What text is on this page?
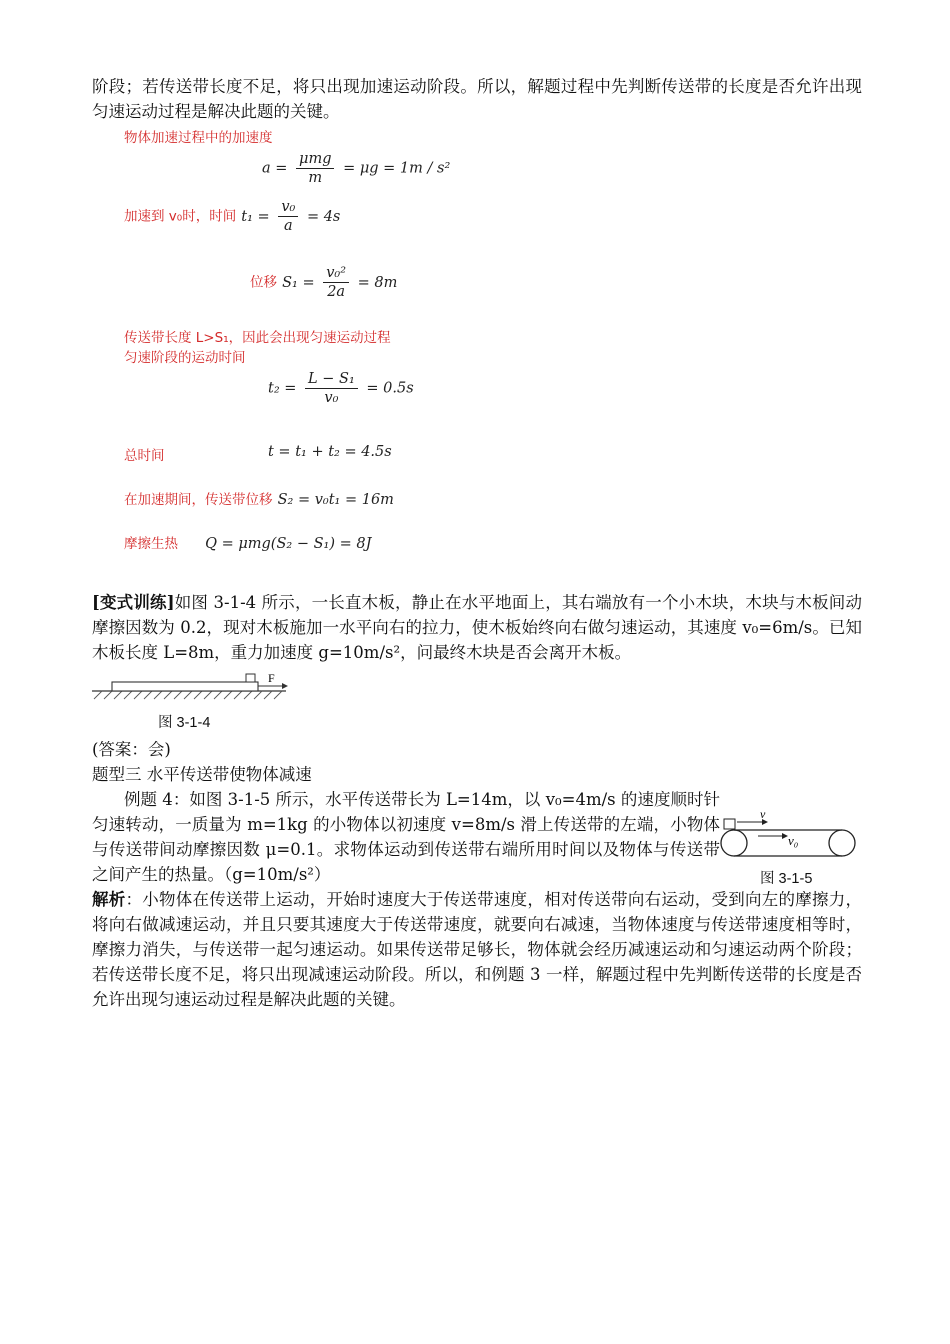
阶段；若传送带长度不足，将只出现加速运动阶段。所以，解题过程中先判断传送带的长度是否允许出现匀速运动过程是解决此题的关键。

物体加速过程中的加速度
$a = \frac{\text{μmg}}{m} = \mu g = 1m / s^2$
加速到 v₀时，时间 $t_1 = \frac{\text{v₀}}{a} = 4s$
位移 $S_1 = \frac{\text{v₀²}}{2a} = 8m$
传送带长度 L>S₁，因此会出现匀速运动过程
匀速阶段的运动时间
$t_2 = \frac{\text{L − S₁}}{\text{v₀}} = 0.5s$
总时间	t = t₁ + t₂ = 4.5s
在加速期间，传送带位移 S₂ = v₀t₁ = 16m
摩擦生热 Q = μmg(S₂ − S₁) = 8J

[变式训练]如图 3-1-4 所示，一长直木板，静止在水平地面上，其右端放有一个小木块，木块与木板间动摩擦因数为 0.2，现对木板施加一水平向右的拉力，使木板始终向右做匀速运动，其速度 v₀=6m/s。已知木板长度 L=8m，重力加速度 g=10m/s²，问最终木块是否会离开木板。

F
图 3-1-4

(答案：会)

题型三 水平传送带使物体减速

例题 4：如图 3-1-5 所示，水平传送带长为 L=14m，以 v₀=4m/s 的速度顺时针匀速转动，一质量为 m=1kg 的小物体以初速度 v=8m/s 滑上传送带的左端，小物体与传送带间动摩擦因数 μ=0.1。求物体运动到传送带右端所用时间以及物体与传送带之间产生的热量。（g=10m/s²）

v
v₀
图 3-1-5

解析：小物体在传送带上运动，开始时速度大于传送带速度，相对传送带向右运动，受到向左的摩擦力，将向右做减速运动，并且只要其速度大于传送带速度，就要向右减速，当物体速度与传送带速度相等时，摩擦力消失，与传送带一起匀速运动。如果传送带足够长，物体就会经历减速运动和匀速运动两个阶段；若传送带长度不足，将只出现减速运动阶段。所以，和例题 3 一样，解题过程中先判断传送带的长度是否允许出现匀速运动过程是解决此题的关键。
